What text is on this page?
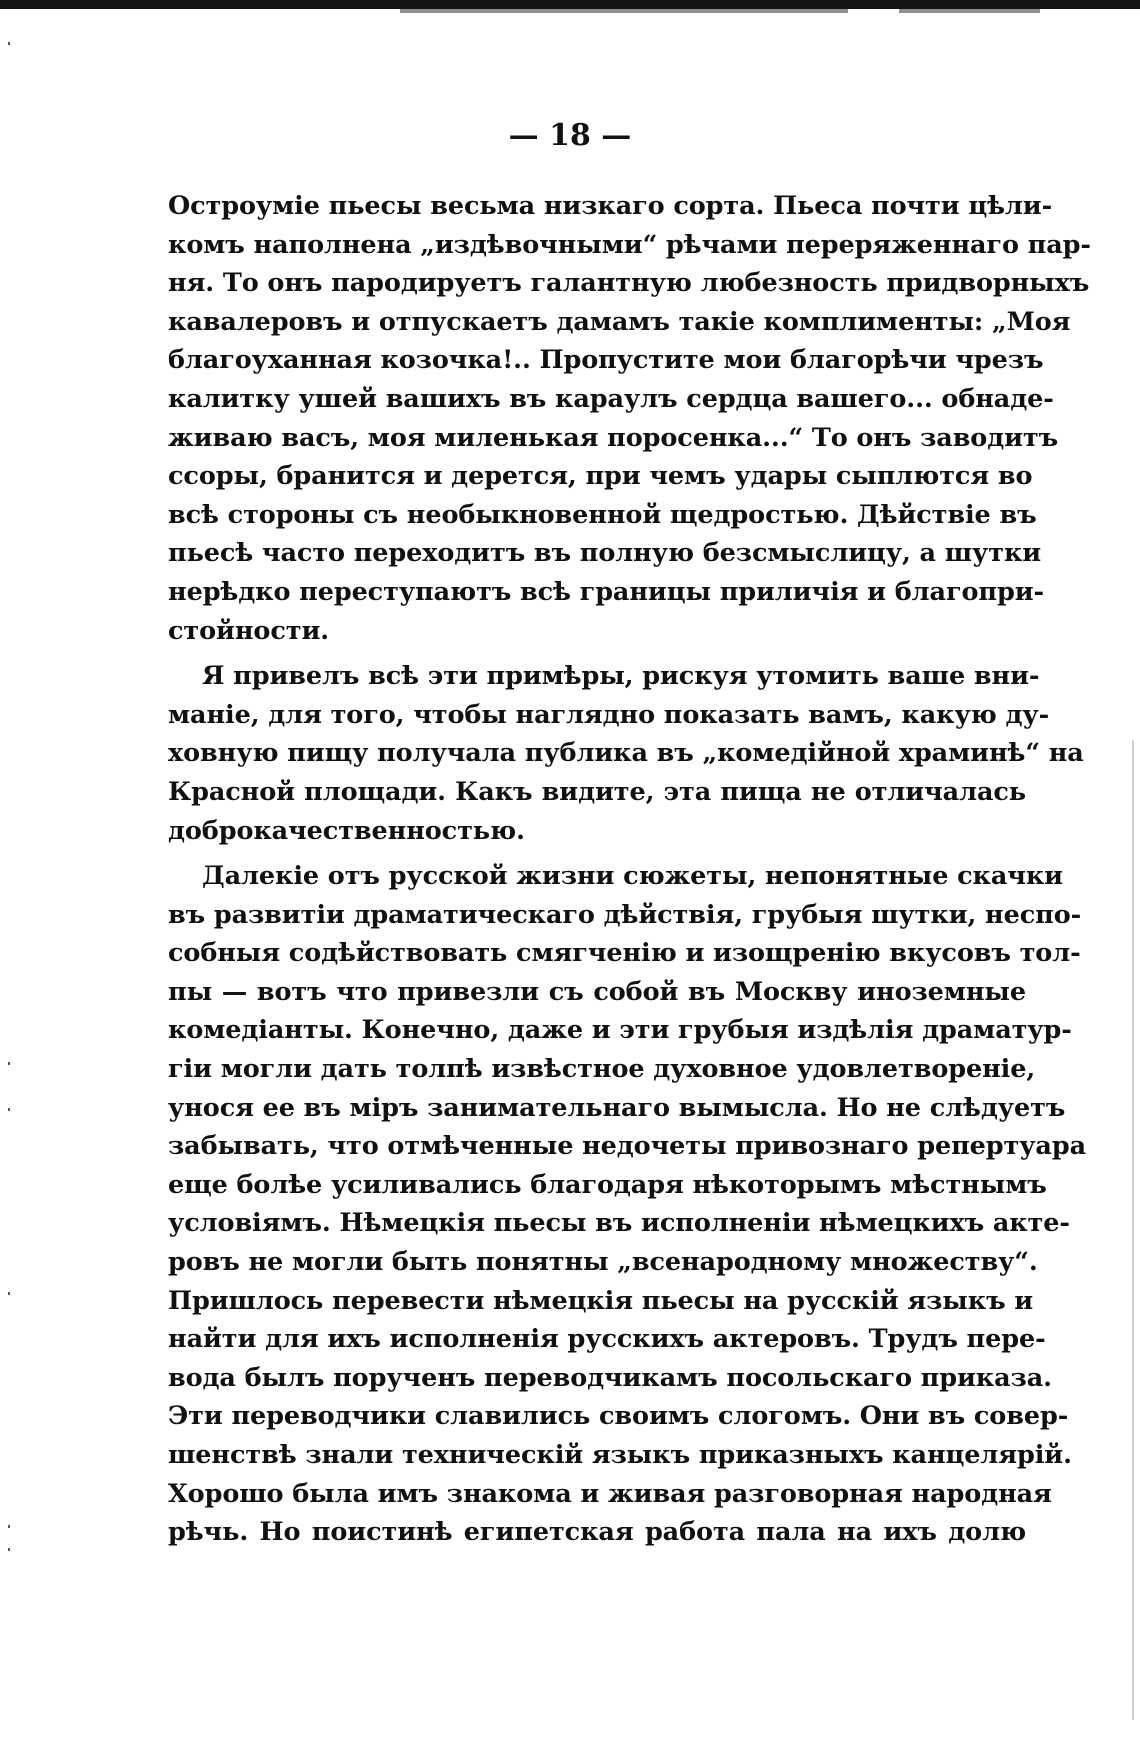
— 18 —
Остроумiе пьесы весьма низкаго сорта. Пьеса почти цѣли-
комъ наполнена „издѣвочными“ рѣчами переряженнаго пар-
ня. То онъ пародируетъ галантную любезность придворныхъ
кавалеровъ и отпускаетъ дамамъ такiе комплименты: „Моя
благоуханная козочка!.. Пропустите мои благорѣчи чрезъ
калитку ушей вашихъ въ караулъ сердца вашего... обнаде-
живаю васъ, моя миленькая поросенка...“ То онъ заводитъ
ссоры, бранится и дерется, при чемъ удары сыплются во
всѣ стороны съ необыкновенной щедростью. Дѣйствiе въ
пьесѣ часто переходитъ въ полную безсмыслицу, а шутки
нерѣдко переступаютъ всѣ границы приличiя и благопри-
стойности.
Я привелъ всѣ эти примѣры, рискуя утомить ваше вни-
манiе, для того, чтобы наглядно показать вамъ, какую ду-
ховную пищу получала публика въ „комедiйной храминѣ“ на
Красной площади. Какъ видите, эта пища не отличалась
доброкачественностью.
Далекiе отъ русской жизни сюжеты, непонятные скачки
въ развитiи драматическаго дѣйствiя, грубыя шутки, неспо-
собныя содѣйствовать смягченiю и изощренiю вкусовъ тол-
пы — вотъ что привезли съ собой въ Москву иноземные
комедiанты. Конечно, даже и эти грубыя издѣлiя драматур-
гiи могли дать толпѣ извѣстное духовное удовлетворенiе,
унося ее въ мiръ занимательнаго вымысла. Но не слѣдуетъ
забывать, что отмѣченные недочеты привознаго репертуара
еще болѣе усиливались благодаря нѣкоторымъ мѣстнымъ
условiямъ. Нѣмецкiя пьесы въ исполненiи нѣмецкихъ акте-
ровъ не могли быть понятны „всенародному множеству“.
Пришлось перевести нѣмецкiя пьесы на русскiй языкъ и
найти для ихъ исполненiя русскихъ актеровъ. Трудъ пере-
вода былъ порученъ переводчикамъ посольскаго приказа.
Эти переводчики славились своимъ слогомъ. Они въ совер-
шенствѣ знали техническiй языкъ приказныхъ канцелярiй.
Хорошо была имъ знакома и живая разговорная народная
рѣчь. Но поистинѣ египетская работа пала на ихъ долю
